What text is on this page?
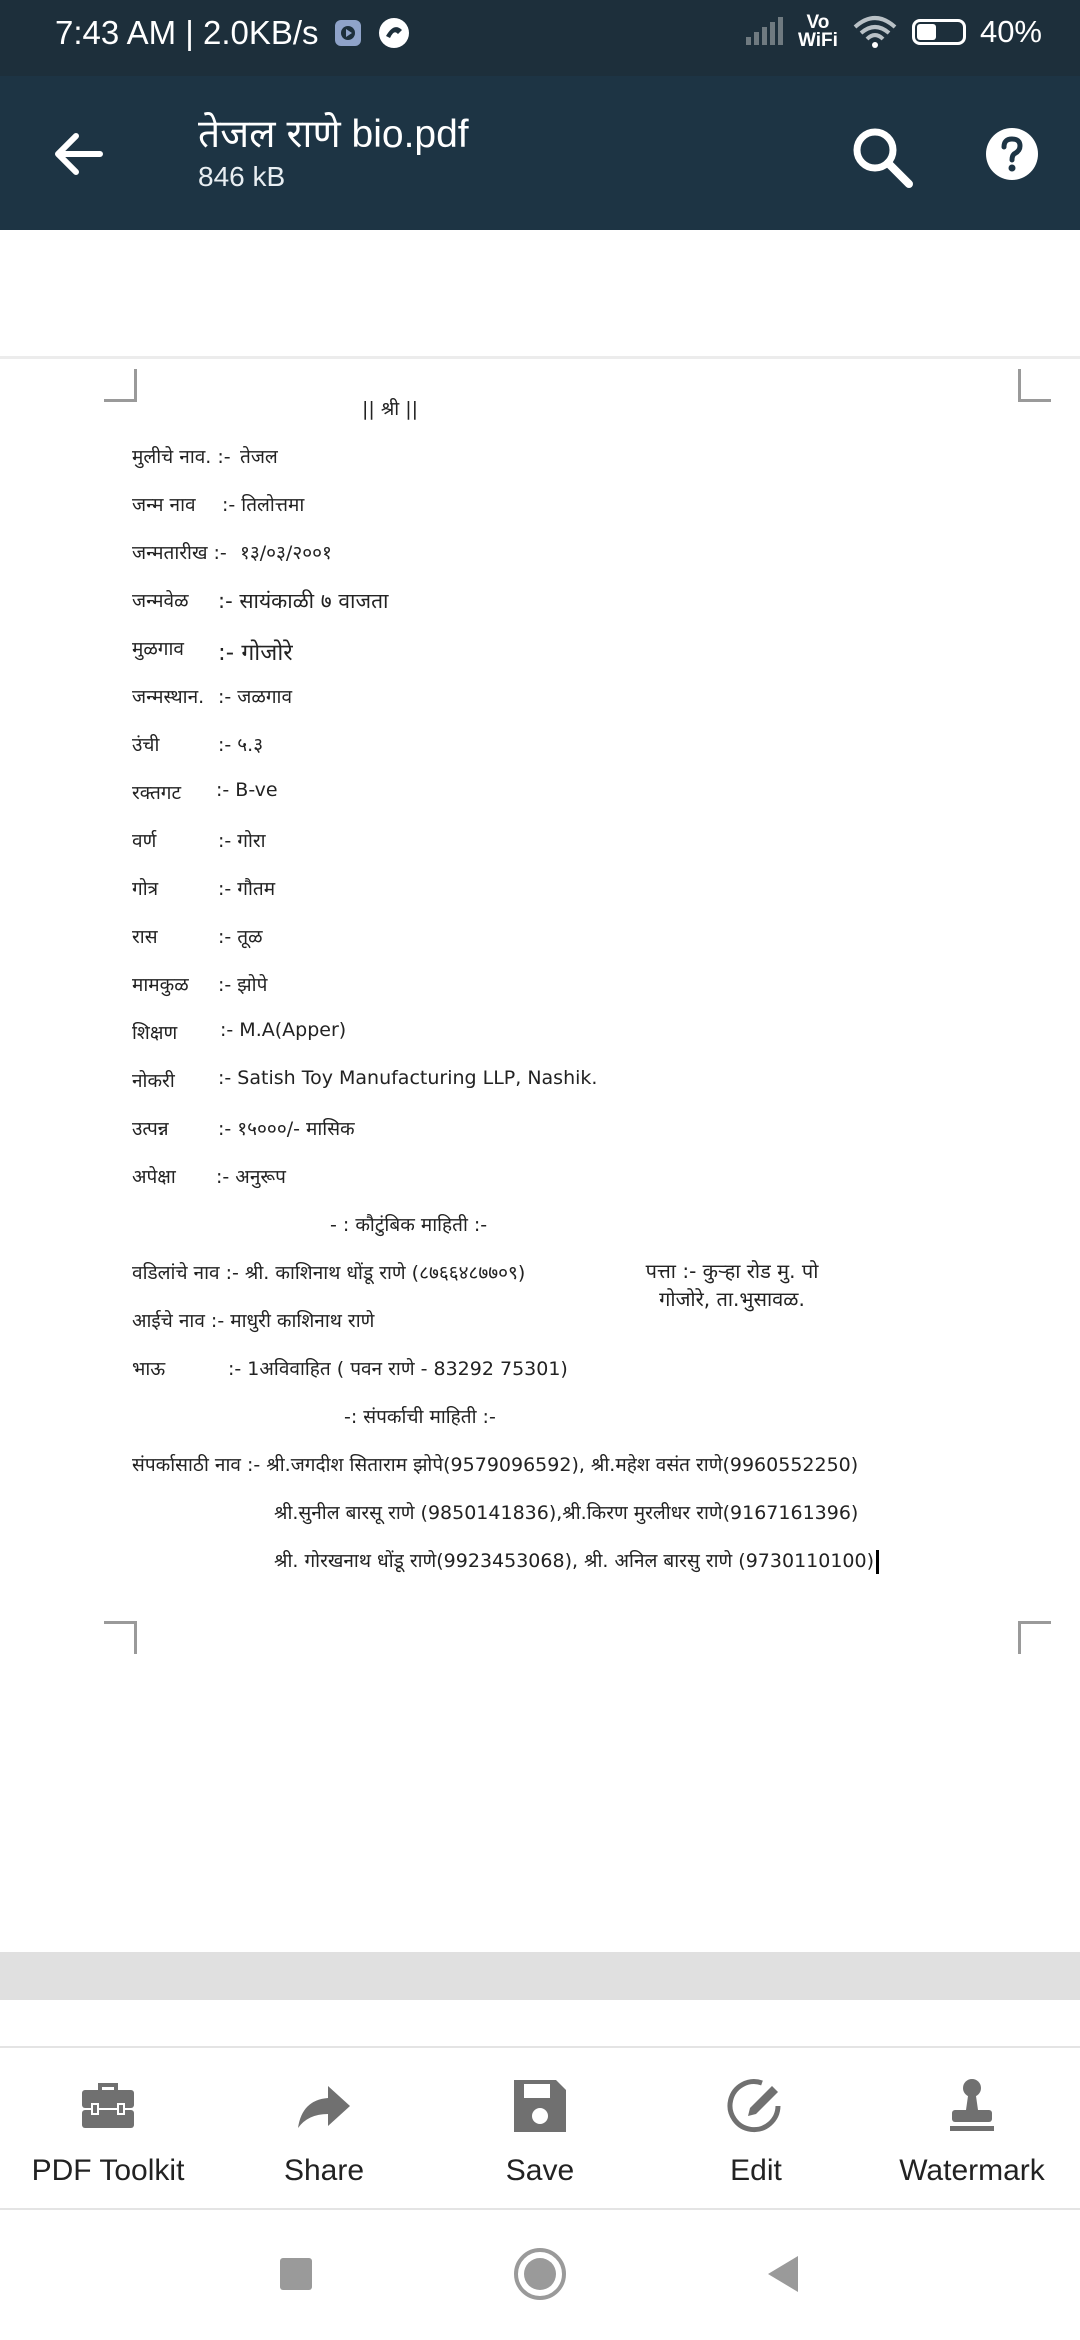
7:43 AM | 2.0KB/s	Vo
WiFi	40%
तेजल राणे bio.pdf
846 kB
|| श्री ||
मुलीचे नाव. :- तेजल
जन्म नाव :- तिलोत्तमा
जन्मतारीख :- १३/०३/२००१
जन्मवेळ :- सायंकाळी ७ वाजता
मुळगाव :- गोजोरे
जन्मस्थान. :- जळगाव
उंची	:- ५.३
रक्तगट :- B-ve
वर्ण	:- गोरा
गोत्र	:- गौतम
रास	:- तूळ
मामकुळ :- झोपे
शिक्षण :- M.A(Apper)
नोकरी :- Satish Toy Manufacturing LLP, Nashik.
उत्पन्न	:- १५०००/- मासिक
अपेक्षा :- अनुरूप
- : कौटुंबिक माहिती :-
वडिलांचे नाव :- श्री. काशिनाथ धोंडू राणे (८७६६४८७७०९)	पत्ता :- कुऱ्हा रोड मु. पो
गोजोरे, ता.भुसावळ.
आईचे नाव :- माधुरी काशिनाथ राणे
भाऊ	:- 1अविवाहित ( पवन राणे - 83292 75301)
-: संपर्काची माहिती :-
संपर्कासाठी नाव :- श्री.जगदीश सिताराम झोपे(9579096592), श्री.महेश वसंत राणे(9960552250)
श्री.सुनील बारसू राणे (9850141836),श्री.किरण मुरलीधर राणे(9167161396)
श्री. गोरखनाथ धोंडू राणे(9923453068), श्री. अनिल बारसु राणे (9730110100)
PDF Toolkit	Share	Save	Edit	Watermark
